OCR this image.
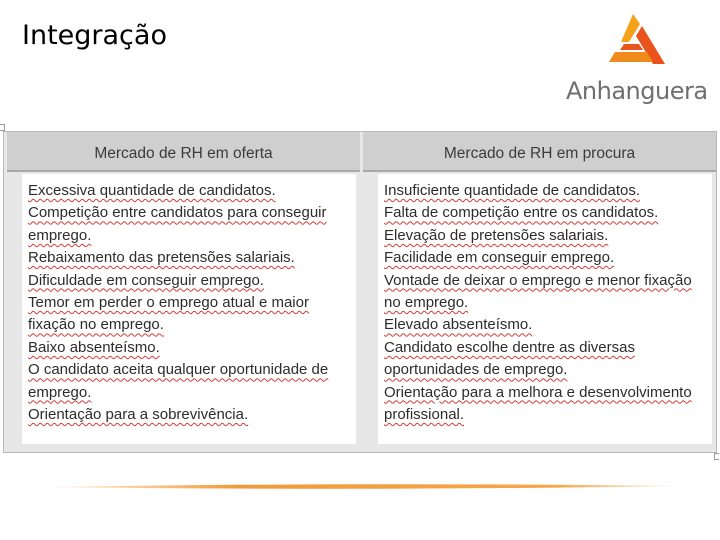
Integração
Anhanguera
Mercado de RH em oferta
Excessiva quantidade de candidatos.
Competição entre candidatos para conseguir emprego.
Rebaixamento das pretensões salariais.
Dificuldade em conseguir emprego.
Temor em perder o emprego atual e maior fixação no emprego.
Baixo absenteísmo.
O candidato aceita qualquer oportunidade de emprego.
Orientação para a sobrevivência.
Mercado de RH em procura
Insuficiente quantidade de candidatos.
Falta de competição entre os candidatos.
Elevação de pretensões salariais.
Facilidade em conseguir emprego.
Vontade de deixar o emprego e menor fixação no emprego.
Elevado absenteísmo.
Candidato escolhe dentre as diversas oportunidades de emprego.
Orientação para a melhora e desenvolvimento profissional.
